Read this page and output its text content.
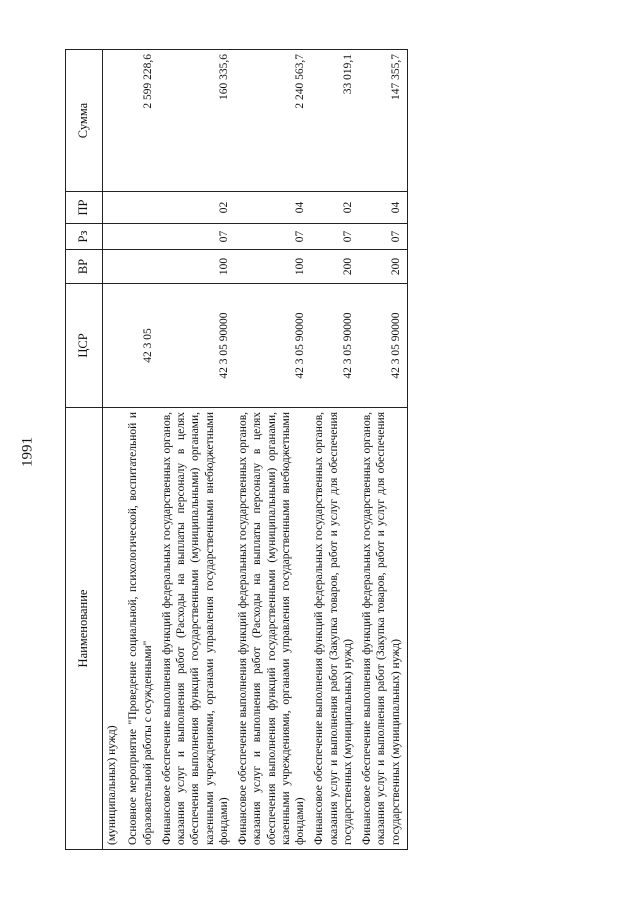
1991
Наименование	ЦСР	ВР	Рз	ПР	Сумма
(муниципальных) нужд)					
Основное мероприятие "Проведение социальной, психологической, воспитательной и образовательной работы с осужденными"	42 3 05				2 599 228,6
Финансовое обеспечение выполнения функций федеральных государственных органов, оказания услуг и выполнения работ (Расходы на выплаты персоналу в целях обеспечения выполнения функций государственными (муниципальными) органами, казенными учреждениями, органами управления государственными внебюджетными фондами)	42 3 05 90000	100	07	02	160 335,6
Финансовое обеспечение выполнения функций федеральных государственных органов, оказания услуг и выполнения работ (Расходы на выплаты персоналу в целях обеспечения выполнения функций государственными (муниципальными) органами, казенными учреждениями, органами управления государственными внебюджетными фондами)	42 3 05 90000	100	07	04	2 240 563,7
Финансовое обеспечение выполнения функций федеральных государственных органов, оказания услуг и выполнения работ (Закупка товаров, работ и услуг для обеспечения государственных (муниципальных) нужд)	42 3 05 90000	200	07	02	33 019,1
Финансовое обеспечение выполнения функций федеральных государственных органов, оказания услуг и выполнения работ (Закупка товаров, работ и услуг для обеспечения государственных (муниципальных) нужд)	42 3 05 90000	200	07	04	147 355,7
